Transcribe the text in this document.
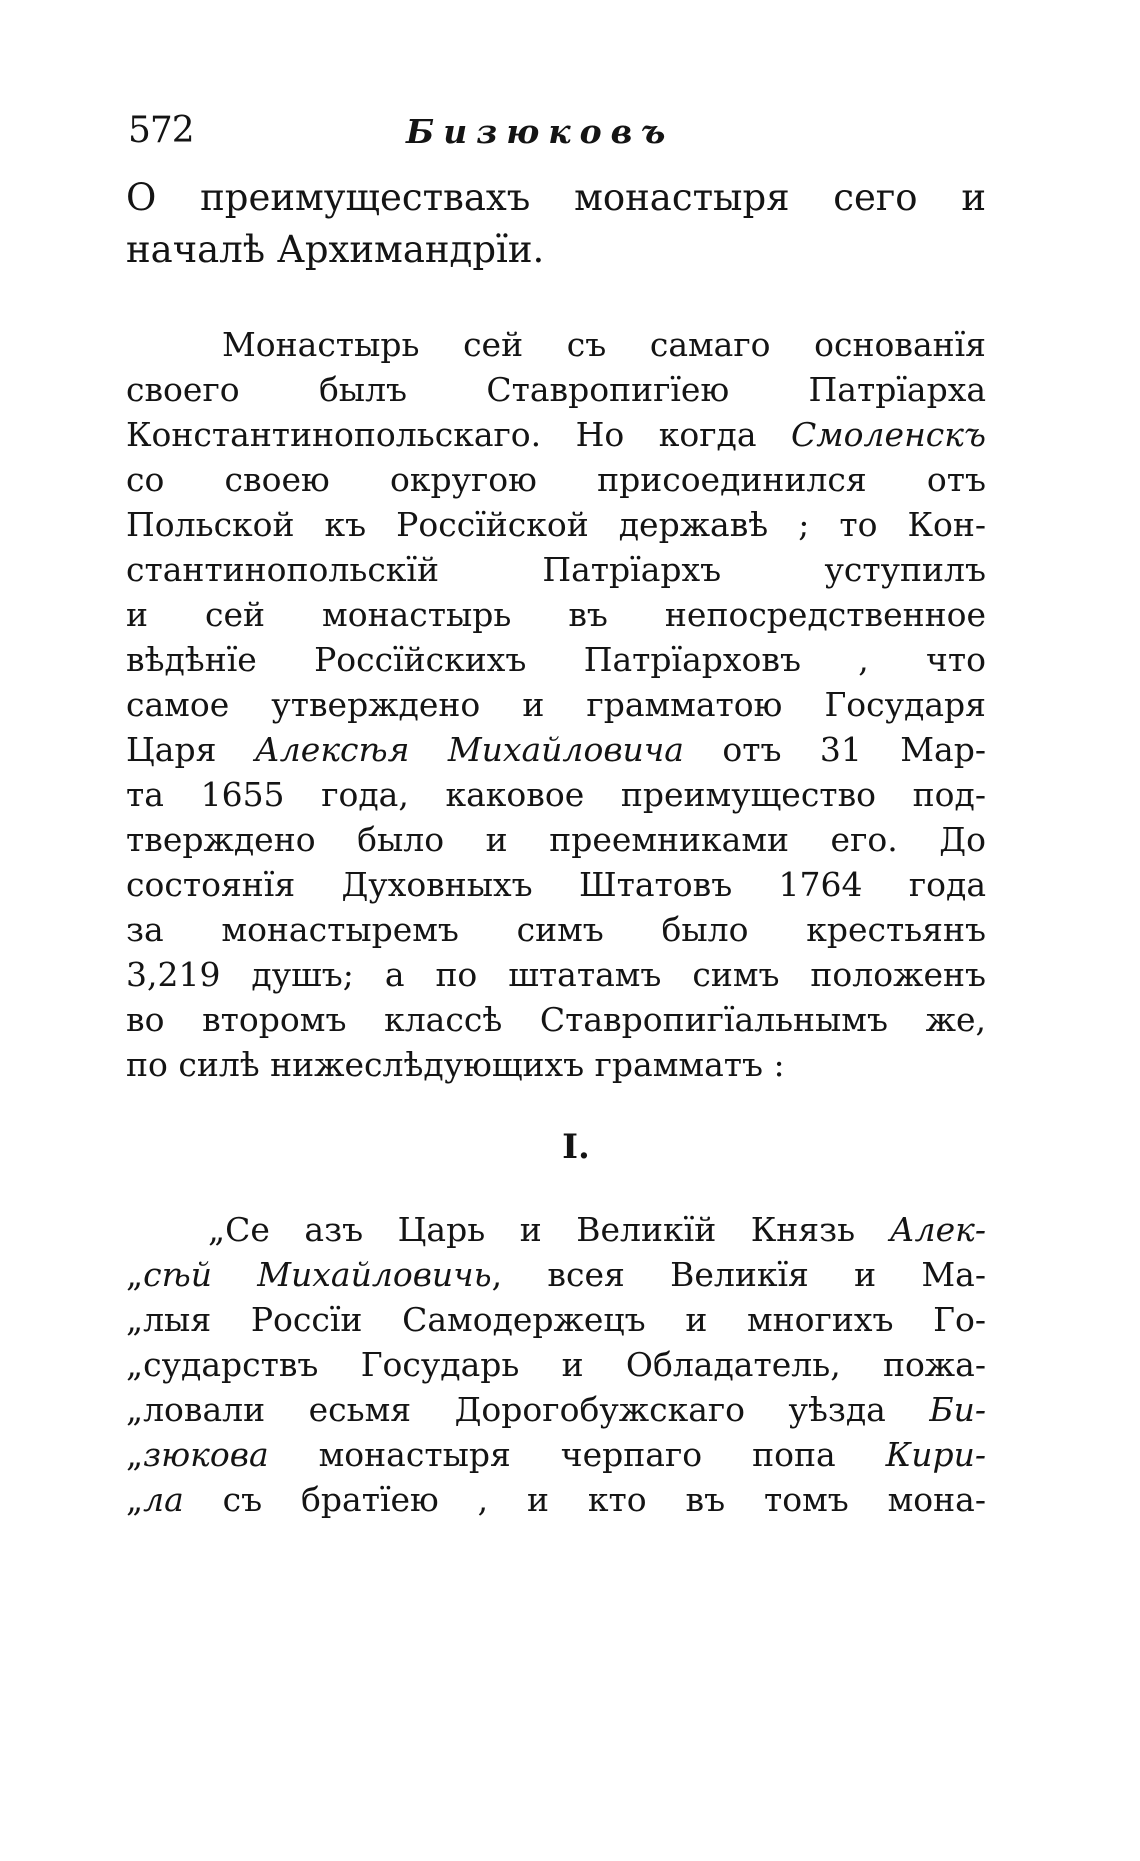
572	Бизюковъ
О преимуществахъ монастыря сего и
началѣ Архимандрїи.
Монастырь сей съ самаго основанїя
своего былъ Ставропигїею Патрїарха
Константинопольскаго. Но когда Смоленскъ
со своею округою присоединился отъ
Польской къ Россїйской державѣ ; то Кон-
стантинопольскїй Патрїархъ уступилъ
и сей монастырь въ непосредственное
вѣдѣнїе Россїйскихъ Патрїарховъ , что
самое утверждено и грамматою Государя
Царя Алексѣя Михайловича отъ 31 Мар-
та 1655 года, каковое преимущество под-
тверждено было и преемниками его. До
состоянїя Духовныхъ Штатовъ 1764 года
за монастыремъ симъ было крестьянъ
3,219 душъ; а по штатамъ симъ положенъ
во второмъ классѣ Ставропигїальнымъ же,
по силѣ нижеслѣдующихъ грамматъ :
I.
„Се азъ Царь и Великїй Князь Алек-
„сѣй Михайловичь, всея Великїя и Ма-
„лыя Россїи Самодержецъ и многихъ Го-
„сударствъ Государь и Обладатель, пожа-
„ловали есьмя Дорогобужскаго уѣзда Би-
„зюкова монастыря черпаго попа Кири-
„ла съ братїею , и кто въ томъ мона-
